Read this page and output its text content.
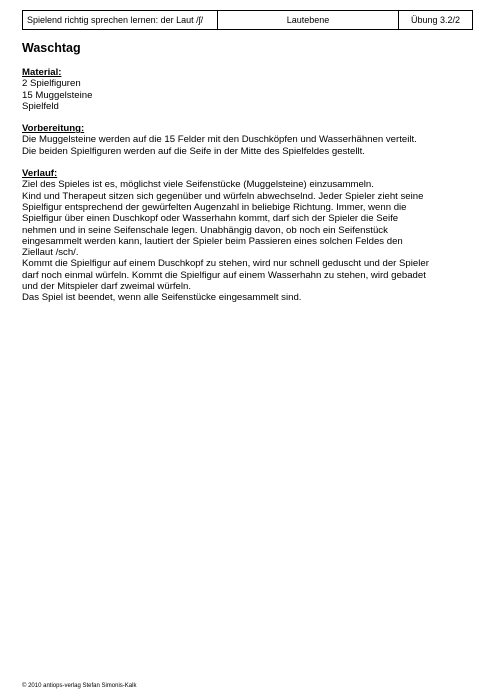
Spielend richtig sprechen lernen: der Laut /ʃ/	Lautebene	Übung 3.2/2
Waschtag
Material:
2 Spielfiguren
15 Muggelsteine
Spielfeld
Vorbereitung:
Die Muggelsteine werden auf die 15 Felder mit den Duschköpfen und Wasserhähnen verteilt.
Die beiden Spielfiguren werden auf die Seife in der Mitte des Spielfeldes gestellt.
Verlauf:
Ziel des Spieles ist es, möglichst viele Seifenstücke (Muggelsteine) einzusammeln.
Kind und Therapeut sitzen sich gegenüber und würfeln abwechselnd. Jeder Spieler zieht seine
Spielfigur entsprechend der gewürfelten Augenzahl in beliebige Richtung. Immer, wenn die
Spielfigur über einen Duschkopf oder Wasserhahn kommt, darf sich der Spieler die Seife
nehmen und in seine Seifenschale legen. Unabhängig davon, ob noch ein Seifenstück
eingesammelt werden kann, lautiert der Spieler beim Passieren eines solchen Feldes den
Ziellaut /sch/.
Kommt die Spielfigur auf einem Duschkopf zu stehen, wird nur schnell geduscht und der Spieler
darf noch einmal würfeln. Kommt die Spielfigur auf einem Wasserhahn zu stehen, wird gebadet
und der Mitspieler darf zweimal würfeln.
Das Spiel ist beendet, wenn alle Seifenstücke eingesammelt sind.
© 2010 antiops-verlag Stefan Simonis-Kalk
